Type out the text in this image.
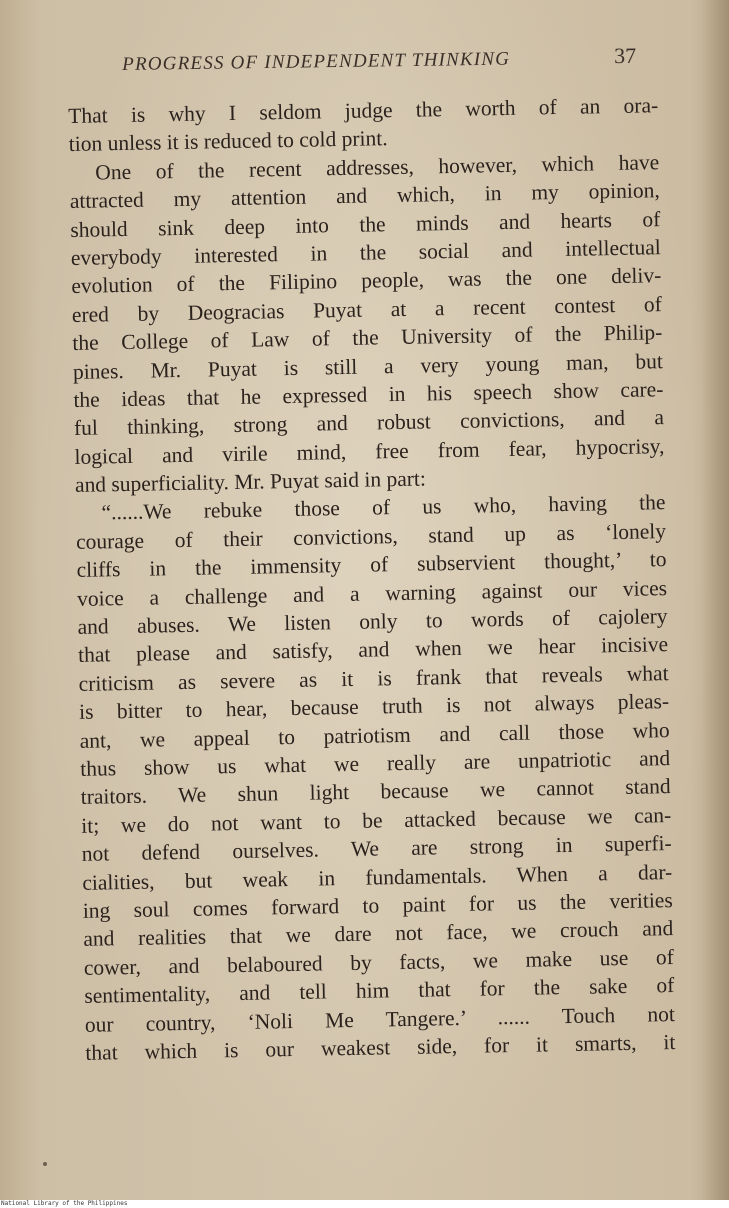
PROGRESS OF INDEPENDENT THINKING	37
That is why I seldom judge the worth of an ora-
tion unless it is reduced to cold print.
One of the recent addresses, however, which have
attracted my attention and which, in my opinion,
should sink deep into the minds and hearts of
everybody interested in the social and intellectual
evolution of the Filipino people, was the one deliv-
ered by Deogracias Puyat at a recent contest of
the College of Law of the University of the Philip-
pines. Mr. Puyat is still a very young man, but
the ideas that he expressed in his speech show care-
ful thinking, strong and robust convictions, and a
logical and virile mind, free from fear, hypocrisy,
and superficiality. Mr. Puyat said in part:
“......We rebuke those of us who, having the
courage of their convictions, stand up as ‘lonely
cliffs in the immensity of subservient thought,’ to
voice a challenge and a warning against our vices
and abuses. We listen only to words of cajolery
that please and satisfy, and when we hear incisive
criticism as severe as it is frank that reveals what
is bitter to hear, because truth is not always pleas-
ant, we appeal to patriotism and call those who
thus show us what we really are unpatriotic and
traitors. We shun light because we cannot stand
it; we do not want to be attacked because we can-
not defend ourselves. We are strong in superfi-
cialities, but weak in fundamentals. When a dar-
ing soul comes forward to paint for us the verities
and realities that we dare not face, we crouch and
cower, and belaboured by facts, we make use of
sentimentality, and tell him that for the sake of
our country, ‘Noli Me Tangere.’ ...... Touch not
that which is our weakest side, for it smarts, it
National Library of the Philippines
